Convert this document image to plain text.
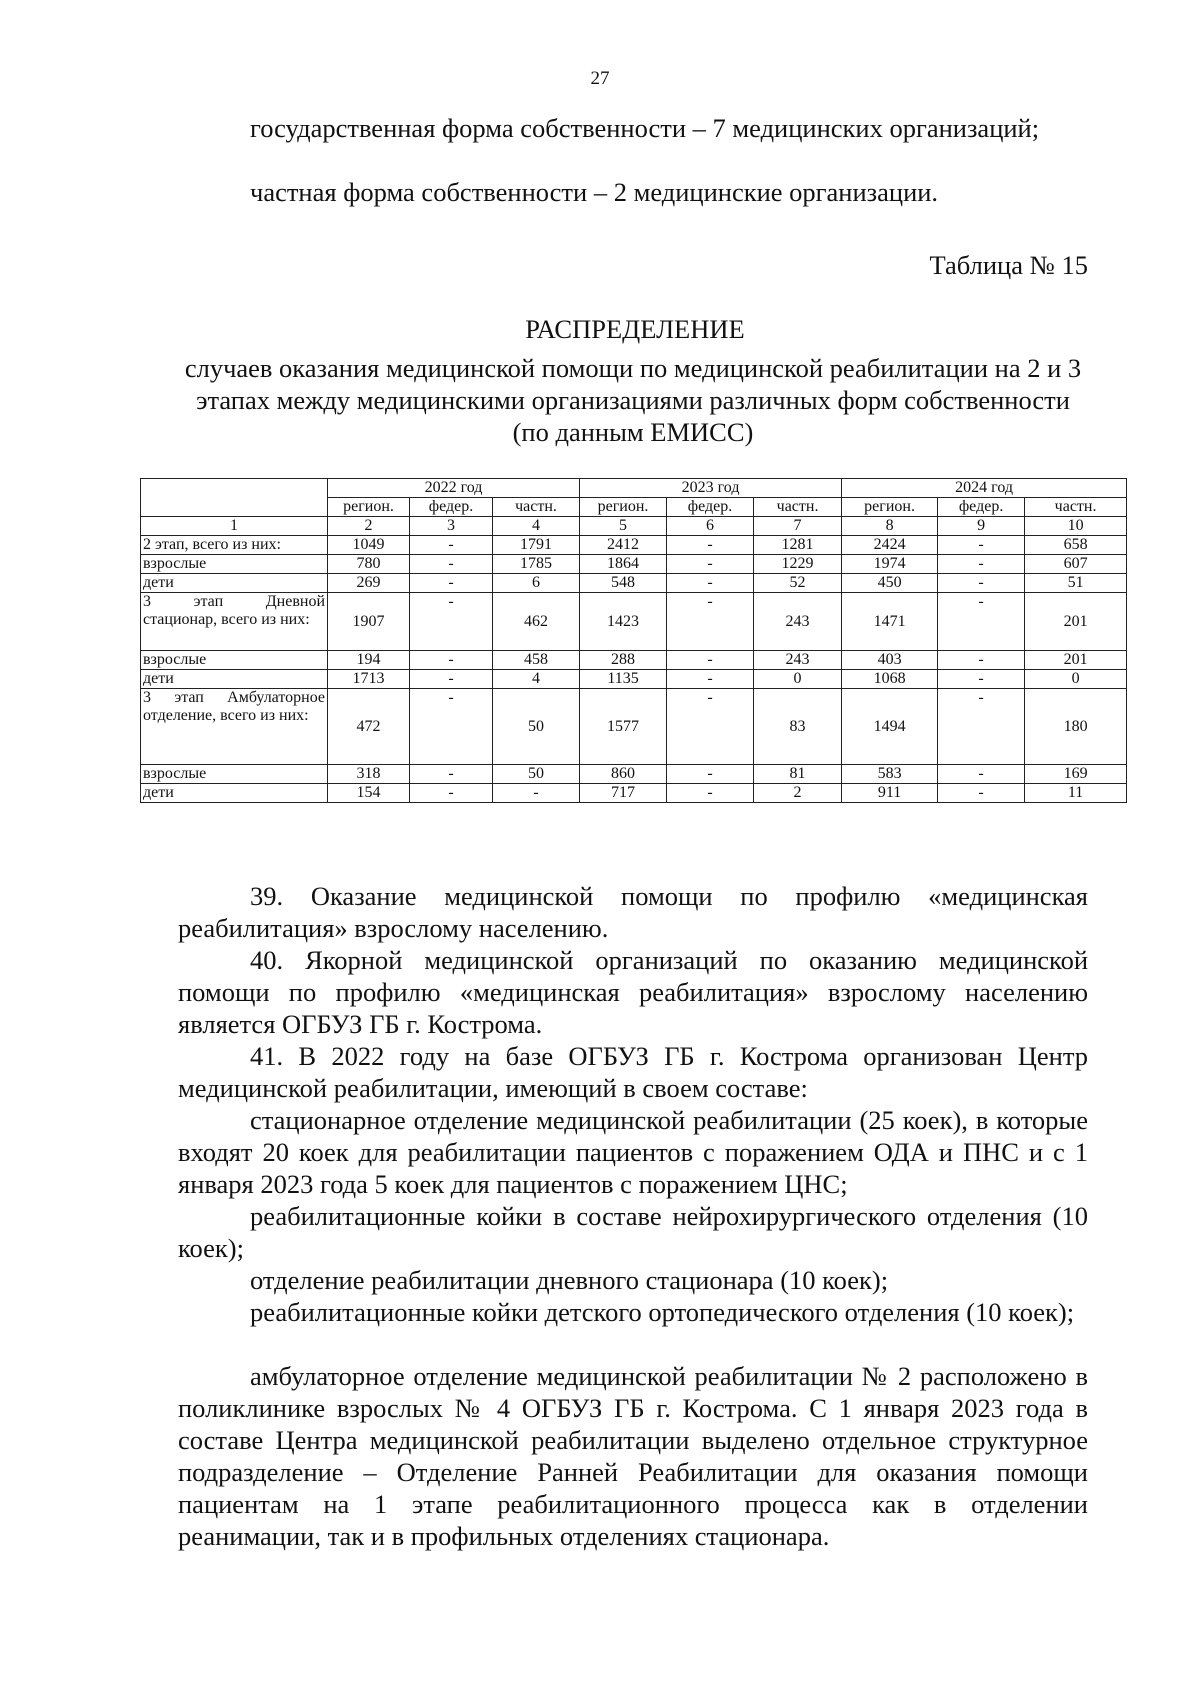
27
государственная форма собственности – 7 медицинских организаций;
частная форма собственности – 2 медицинские организации.
Таблица № 15
РАСПРЕДЕЛЕНИЕ
случаев оказания медицинской помощи по медицинской реабилитации на 2 и 3 этапах между медицинскими организациями различных форм собственности (по данным ЕМИСС)
	2022 год			2023 год			2024 год		
	регион.	федер.	частн.	регион.	федер.	частн.	регион.	федер.	частн.
1	2	3	4	5	6	7	8	9	10
2 этап, всего из них:	1049	-	1791	2412	-	1281	2424	-	658
взрослые	780	-	1785	1864	-	1229	1974	-	607
дети	269	-	6	548	-	52	450	-	51
3 этап Дневной стационар, всего из них:	1907	-	462	1423	-	243	1471	-	201
взрослые	194	-	458	288	-	243	403	-	201
дети	1713	-	4	1135	-	0	1068	-	0
3 этап Амбулаторное отделение, всего из них:	472	-	50	1577	-	83	1494	-	180
взрослые	318	-	50	860	-	81	583	-	169
дети	154	-	-	717	-	2	911	-	11
39. Оказание медицинской помощи по профилю «медицинская реабилитация» взрослому населению.
40. Якорной медицинской организаций по оказанию медицинской помощи по профилю «медицинская реабилитация» взрослому населению является ОГБУЗ ГБ г. Кострома.
41. В 2022 году на базе ОГБУЗ ГБ г. Кострома организован Центр медицинской реабилитации, имеющий в своем составе:
стационарное отделение медицинской реабилитации (25 коек), в которые входят 20 коек для реабилитации пациентов с поражением ОДА и ПНС и с 1 января 2023 года 5 коек для пациентов с поражением ЦНС;
реабилитационные койки в составе нейрохирургического отделения (10 коек);
отделение реабилитации дневного стационара (10 коек);
реабилитационные койки детского ортопедического отделения (10 коек);
амбулаторное отделение медицинской реабилитации № 2 расположено в поликлинике взрослых № 4 ОГБУЗ ГБ г. Кострома. С 1 января 2023 года в составе Центра медицинской реабилитации выделено отдельное структурное подразделение – Отделение Ранней Реабилитации для оказания помощи пациентам на 1 этапе реабилитационного процесса как в отделении реанимации, так и в профильных отделениях стационара.
